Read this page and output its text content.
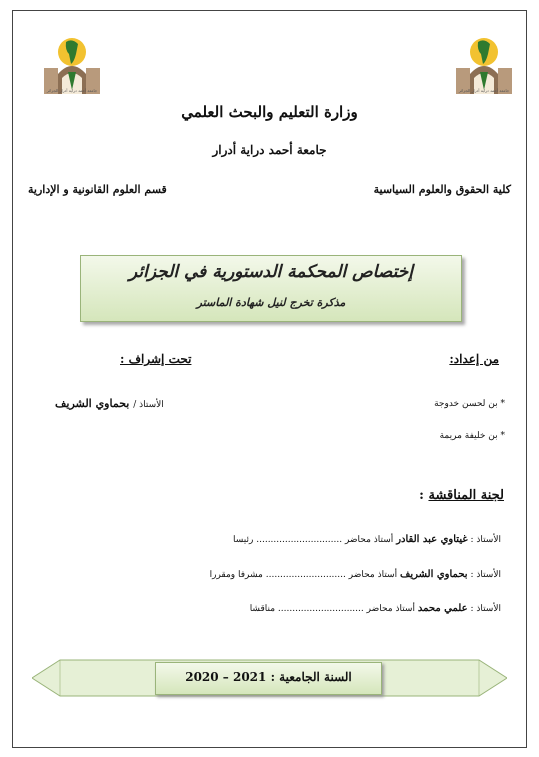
جامعة أحمد دراية أدرار الجزائر	جامعة أحمد دراية أدرار الجزائر
وزارة التعليم والبحث العلمي
جامعة أحمد دراية أدرار
كلية الحقوق والعلوم السياسية
قسم العلوم القانونية و الإدارية
إختصاص المحكمة الدستورية في الجزائر
مذكرة تخرج لنيل شهادة الماستر
من إعداد:
تحت إشراف :
* بن لحسن خدوجة
* بن خليفة مريمة
الأستاذ / بحماوي الشريف
لجنة المناقشة :
الأستاذ : غيتاوي عبد القادر أستاذ محاضر .............................. رئيسا
الأستاذ : بحماوي الشريف أستاذ محاضر ............................ مشرفا ومقررا
الأستاذ : علمي محمد أستاذ محاضر .............................. مناقشا
السنة الجامعية : 2020 – 2021
